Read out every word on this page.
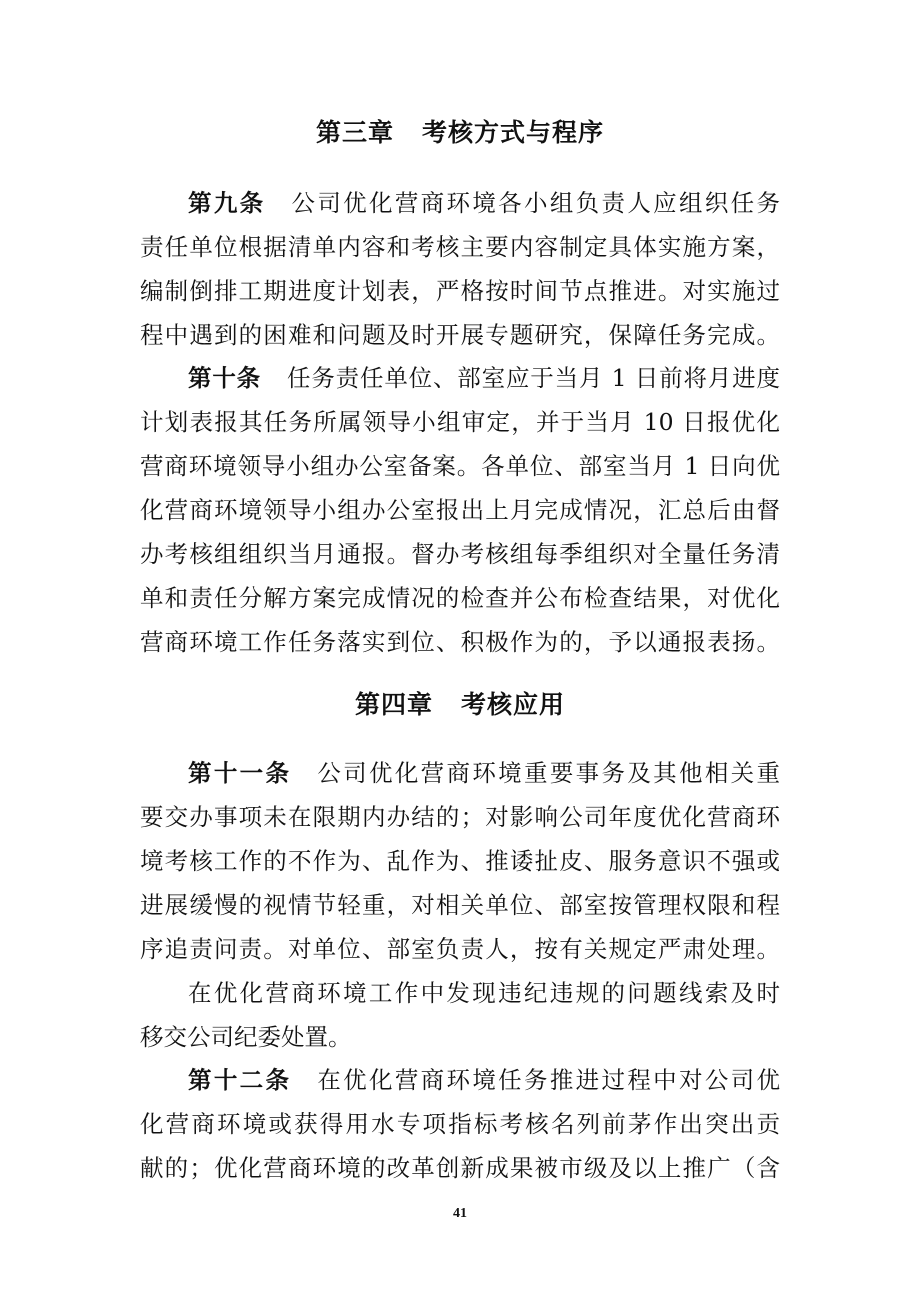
第三章 考核方式与程序
第九条 公司优化营商环境各小组负责人应组织任务
责任单位根据清单内容和考核主要内容制定具体实施方案，
编制倒排工期进度计划表，严格按时间节点推进。对实施过
程中遇到的困难和问题及时开展专题研究，保障任务完成。
第十条 任务责任单位、部室应于当月 1 日前将月进度
计划表报其任务所属领导小组审定，并于当月 10 日报优化
营商环境领导小组办公室备案。各单位、部室当月 1 日向优
化营商环境领导小组办公室报出上月完成情况，汇总后由督
办考核组组织当月通报。督办考核组每季组织对全量任务清
单和责任分解方案完成情况的检查并公布检查结果，对优化
营商环境工作任务落实到位、积极作为的，予以通报表扬。
第四章 考核应用
第十一条 公司优化营商环境重要事务及其他相关重
要交办事项未在限期内办结的；对影响公司年度优化营商环
境考核工作的不作为、乱作为、推诿扯皮、服务意识不强或
进展缓慢的视情节轻重，对相关单位、部室按管理权限和程
序追责问责。对单位、部室负责人，按有关规定严肃处理。
在优化营商环境工作中发现违纪违规的问题线索及时
移交公司纪委处置。
第十二条 在优化营商环境任务推进过程中对公司优
化营商环境或获得用水专项指标考核名列前茅作出突出贡
献的；优化营商环境的改革创新成果被市级及以上推广（含
41
